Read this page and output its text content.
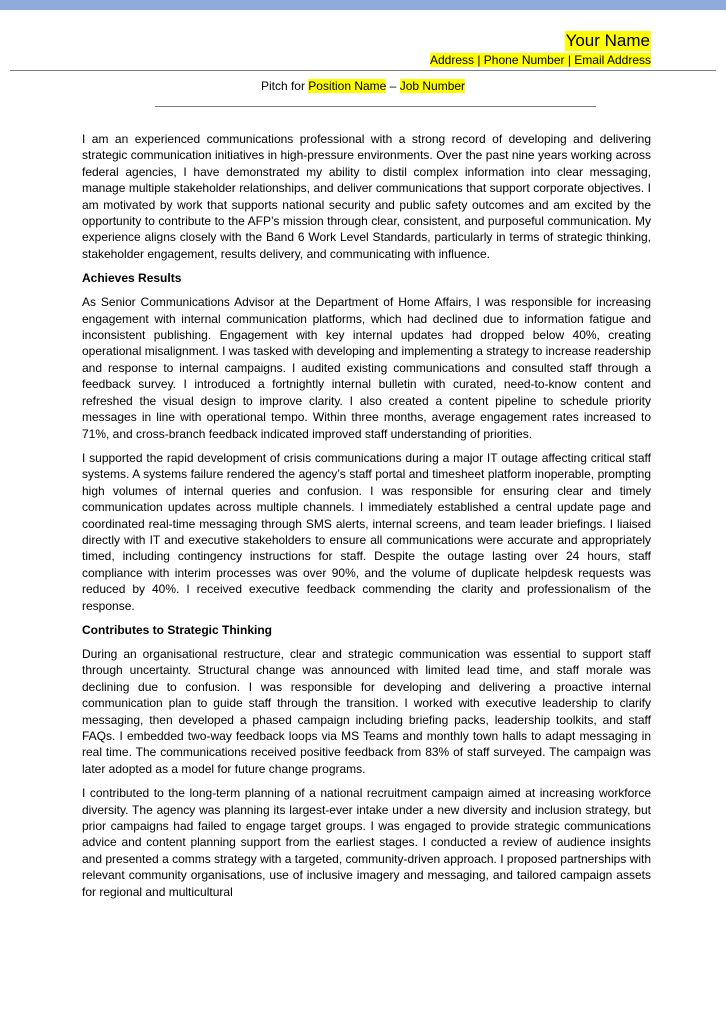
Your Name
Address | Phone Number | Email Address
Pitch for Position Name – Job Number

I am an experienced communications professional with a strong record of developing and delivering strategic communication initiatives in high-pressure environments. Over the past nine years working across federal agencies, I have demonstrated my ability to distil complex information into clear messaging, manage multiple stakeholder relationships, and deliver communications that support corporate objectives. I am motivated by work that supports national security and public safety outcomes and am excited by the opportunity to contribute to the AFP’s mission through clear, consistent, and purposeful communication. My experience aligns closely with the Band 6 Work Level Standards, particularly in terms of strategic thinking, stakeholder engagement, results delivery, and communicating with influence.

Achieves Results

As Senior Communications Advisor at the Department of Home Affairs, I was responsible for increasing engagement with internal communication platforms, which had declined due to information fatigue and inconsistent publishing. Engagement with key internal updates had dropped below 40%, creating operational misalignment. I was tasked with developing and implementing a strategy to increase readership and response to internal campaigns. I audited existing communications and consulted staff through a feedback survey. I introduced a fortnightly internal bulletin with curated, need-to-know content and refreshed the visual design to improve clarity. I also created a content pipeline to schedule priority messages in line with operational tempo. Within three months, average engagement rates increased to 71%, and cross-branch feedback indicated improved staff understanding of priorities.

I supported the rapid development of crisis communications during a major IT outage affecting critical staff systems. A systems failure rendered the agency’s staff portal and timesheet platform inoperable, prompting high volumes of internal queries and confusion. I was responsible for ensuring clear and timely communication updates across multiple channels. I immediately established a central update page and coordinated real-time messaging through SMS alerts, internal screens, and team leader briefings. I liaised directly with IT and executive stakeholders to ensure all communications were accurate and appropriately timed, including contingency instructions for staff. Despite the outage lasting over 24 hours, staff compliance with interim processes was over 90%, and the volume of duplicate helpdesk requests was reduced by 40%. I received executive feedback commending the clarity and professionalism of the response.

Contributes to Strategic Thinking

During an organisational restructure, clear and strategic communication was essential to support staff through uncertainty. Structural change was announced with limited lead time, and staff morale was declining due to confusion. I was responsible for developing and delivering a proactive internal communication plan to guide staff through the transition. I worked with executive leadership to clarify messaging, then developed a phased campaign including briefing packs, leadership toolkits, and staff FAQs. I embedded two-way feedback loops via MS Teams and monthly town halls to adapt messaging in real time. The communications received positive feedback from 83% of staff surveyed. The campaign was later adopted as a model for future change programs.

I contributed to the long-term planning of a national recruitment campaign aimed at increasing workforce diversity. The agency was planning its largest-ever intake under a new diversity and inclusion strategy, but prior campaigns had failed to engage target groups. I was engaged to provide strategic communications advice and content planning support from the earliest stages. I conducted a review of audience insights and presented a comms strategy with a targeted, community-driven approach. I proposed partnerships with relevant community organisations, use of inclusive imagery and messaging, and tailored campaign assets for regional and multicultural
